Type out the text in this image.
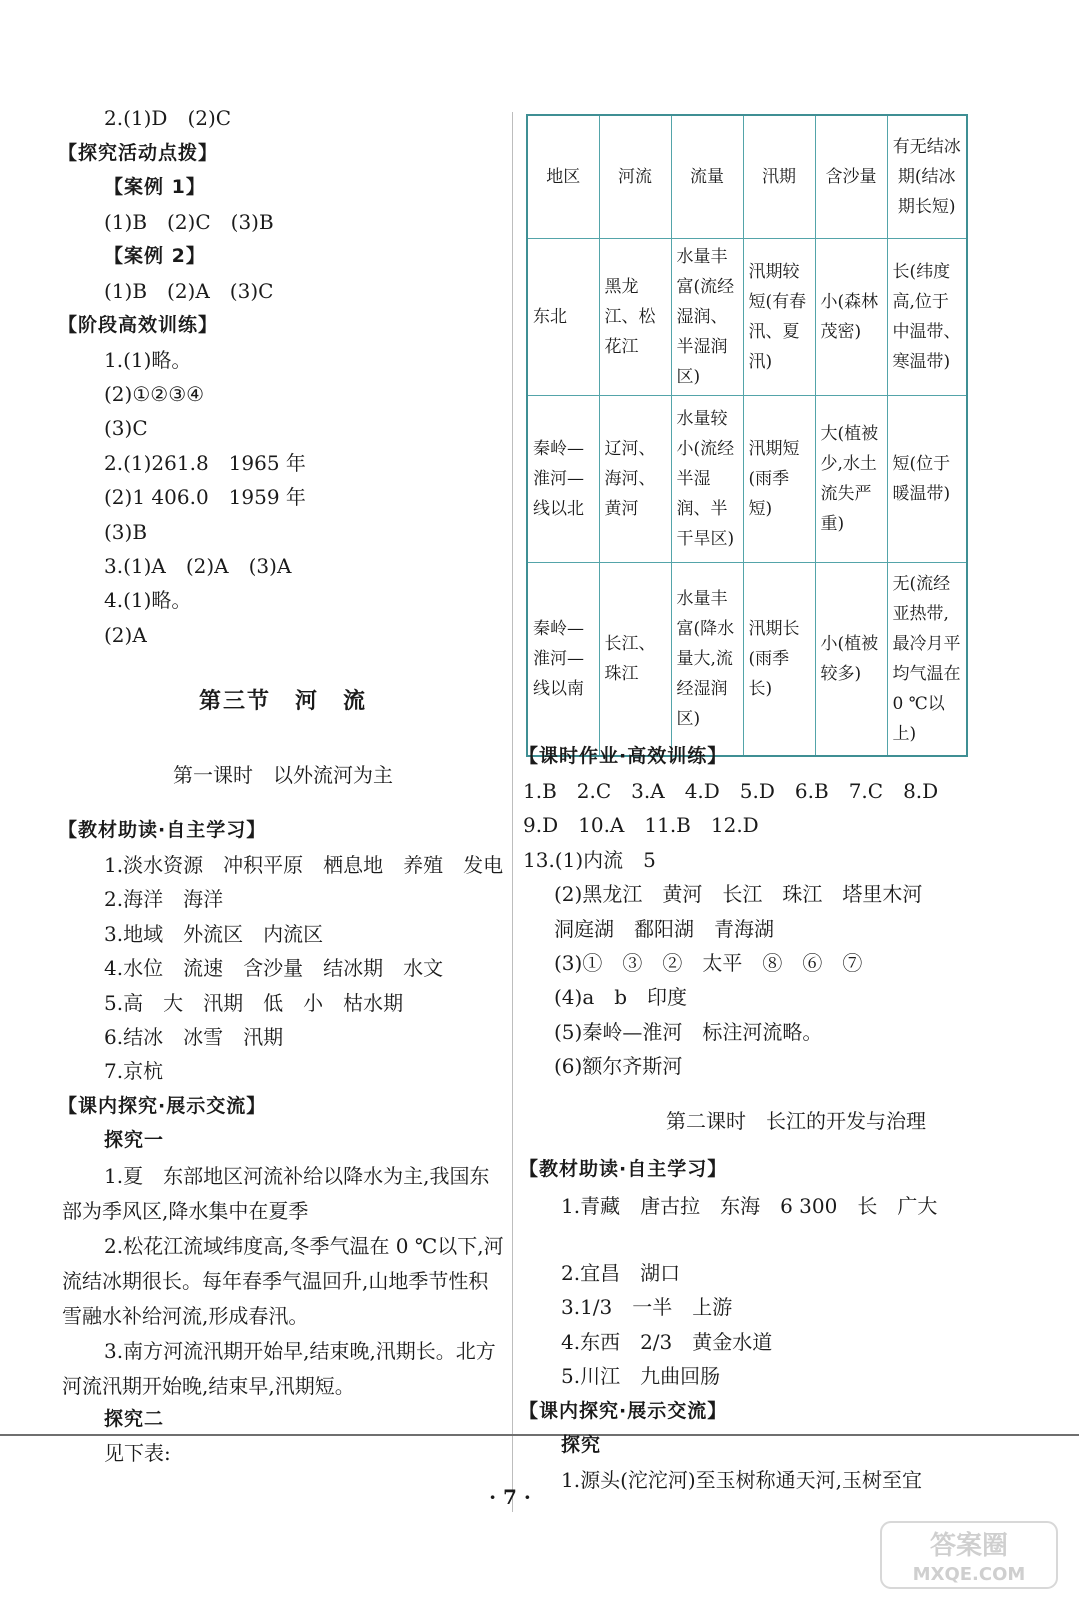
2.(1)D　(2)C
【探究活动点拨】
【案例 1】
(1)B　(2)C　(3)B
【案例 2】
(1)B　(2)A　(3)C
【阶段高效训练】
1.(1)略。
(2)①②③④
(3)C
2.(1)261.8　1965 年
(2)1 406.0　1959 年
(3)B
3.(1)A　(2)A　(3)A
4.(1)略。
(2)A
第三节　河　流
第一课时　以外流河为主
【教材助读·自主学习】
1.淡水资源　冲积平原　栖息地　养殖　发电
2.海洋　海洋
3.地域　外流区　内流区
4.水位　流速　含沙量　结冰期　水文
5.高　大　汛期　低　小　枯水期
6.结冰　冰雪　汛期
7.京杭
【课内探究·展示交流】
探究一
1.夏　东部地区河流补给以降水为主,我国东部为季风区,降水集中在夏季
2.松花江流域纬度高,冬季气温在 0 ℃以下,河流结冰期很长。每年春季气温回升,山地季节性积雪融水补给河流,形成春汛。
3.南方河流汛期开始早,结束晚,汛期长。北方河流汛期开始晚,结束早,汛期短。
探究二
见下表:
地区	河流	流量	汛期	含沙量	有无结冰期(结冰期长短)
东北	黑龙江、松花江	水量丰富(流经湿润、半湿润区)	汛期较短(有春汛、夏汛)	小(森林茂密)	长(纬度高,位于中温带、寒温带)
秦岭—淮河—线以北	辽河、海河、黄河	水量较小(流经半湿润、半干旱区)	汛期短(雨季短)	大(植被少,水土流失严重)	短(位于暖温带)
秦岭—淮河—线以南	长江、珠江	水量丰富(降水量大,流经湿润区)	汛期长(雨季长)	小(植被较多)	无(流经亚热带,最冷月平均气温在 0 ℃以上)
【课时作业·高效训练】
1.B　2.C　3.A　4.D　5.D　6.B　7.C　8.D
9.D　10.A　11.B　12.D
13.(1)内流　5
(2)黑龙江　黄河　长江　珠江　塔里木河
洞庭湖　鄱阳湖　青海湖
(3)①　③　②　太平　⑧　⑥　⑦
(4)a　b　印度
(5)秦岭—淮河　标注河流略。
(6)额尔齐斯河
第二课时　长江的开发与治理
【教材助读·自主学习】
1.青藏　唐古拉　东海　6 300　长　广大
2.宜昌　湖口
3.1/3　一半　上游
4.东西　2/3　黄金水道
5.川江　九曲回肠
【课内探究·展示交流】
探究
1.源头(沱沱河)至玉树称通天河,玉树至宜
· 7 ·
答案圈
MXQE.COM
